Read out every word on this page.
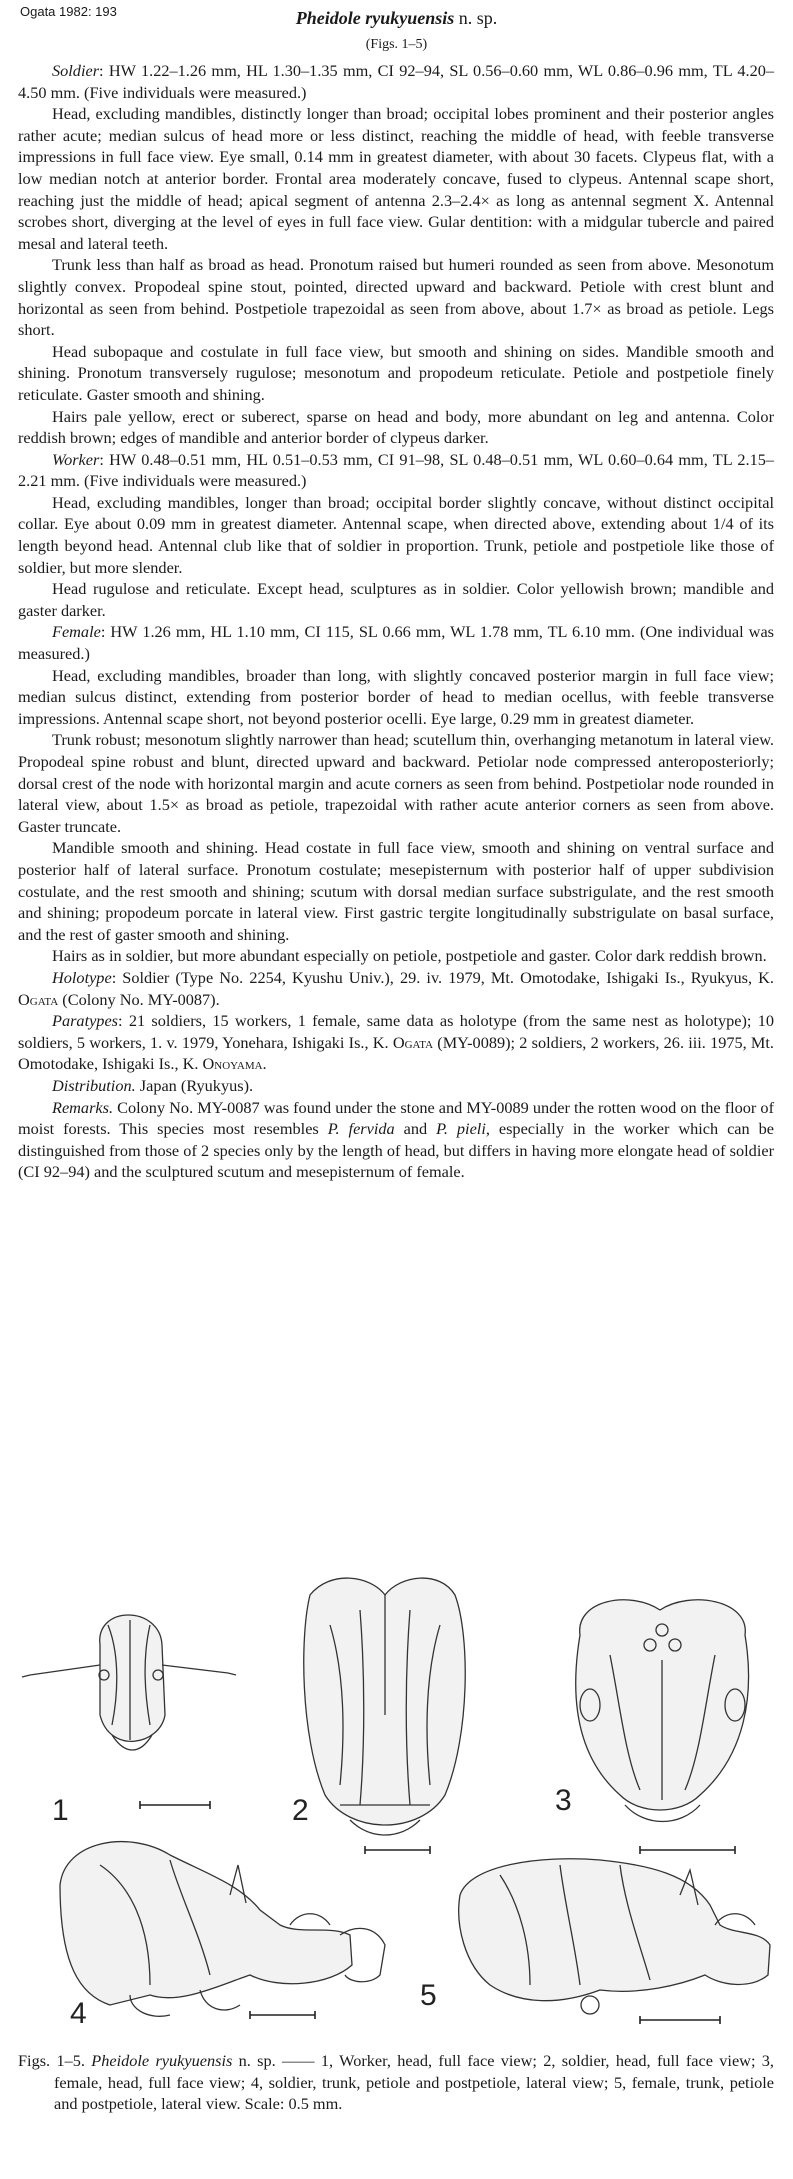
Ogata 1982: 193	Pheidole ryukyuensis n. sp.
(Figs. 1–5)

Soldier: HW 1.22–1.26 mm, HL 1.30–1.35 mm, CI 92–94, SL 0.56–0.60 mm, WL 0.86–0.96 mm, TL 4.20–4.50 mm. (Five individuals were measured.)

Head, excluding mandibles, distinctly longer than broad; occipital lobes prominent and their posterior angles rather acute; median sulcus of head more or less distinct, reaching the middle of head, with feeble transverse impressions in full face view. Eye small, 0.14 mm in greatest diameter, with about 30 facets. Clypeus flat, with a low median notch at anterior border. Frontal area moderately concave, fused to clypeus. Antennal scape short, reaching just the middle of head; apical segment of antenna 2.3–2.4× as long as antennal segment X. Antennal scrobes short, diverging at the level of eyes in full face view. Gular dentition: with a midgular tubercle and paired mesal and lateral teeth.

Trunk less than half as broad as head. Pronotum raised but humeri rounded as seen from above. Mesonotum slightly convex. Propodeal spine stout, pointed, directed upward and backward. Petiole with crest blunt and horizontal as seen from behind. Postpetiole trapezoidal as seen from above, about 1.7× as broad as petiole. Legs short.

Head subopaque and costulate in full face view, but smooth and shining on sides. Mandible smooth and shining. Pronotum transversely rugulose; mesonotum and propodeum reticulate. Petiole and postpetiole finely reticulate. Gaster smooth and shining.

Hairs pale yellow, erect or suberect, sparse on head and body, more abundant on leg and antenna. Color reddish brown; edges of mandible and anterior border of clypeus darker.

Worker: HW 0.48–0.51 mm, HL 0.51–0.53 mm, CI 91–98, SL 0.48–0.51 mm, WL 0.60–0.64 mm, TL 2.15–2.21 mm. (Five individuals were measured.)

Head, excluding mandibles, longer than broad; occipital border slightly concave, without distinct occipital collar. Eye about 0.09 mm in greatest diameter. Antennal scape, when directed above, extending about 1/4 of its length beyond head. Antennal club like that of soldier in proportion. Trunk, petiole and postpetiole like those of soldier, but more slender.

Head rugulose and reticulate. Except head, sculptures as in soldier. Color yellowish brown; mandible and gaster darker.

Female: HW 1.26 mm, HL 1.10 mm, CI 115, SL 0.66 mm, WL 1.78 mm, TL 6.10 mm. (One individual was measured.)

Head, excluding mandibles, broader than long, with slightly concaved posterior margin in full face view; median sulcus distinct, extending from posterior border of head to median ocellus, with feeble transverse impressions. Antennal scape short, not beyond posterior ocelli. Eye large, 0.29 mm in greatest diameter.

Trunk robust; mesonotum slightly narrower than head; scutellum thin, overhanging metanotum in lateral view. Propodeal spine robust and blunt, directed upward and backward. Petiolar node compressed anteroposteriorly; dorsal crest of the node with horizontal margin and acute corners as seen from behind. Postpetiolar node rounded in lateral view, about 1.5× as broad as petiole, trapezoidal with rather acute anterior corners as seen from above. Gaster truncate.

Mandible smooth and shining. Head costate in full face view, smooth and shining on ventral surface and posterior half of lateral surface. Pronotum costulate; mesepisternum with posterior half of upper subdivision costulate, and the rest smooth and shining; scutum with dorsal median surface substrigulate, and the rest smooth and shining; propodeum porcate in lateral view. First gastric tergite longitudinally substrigulate on basal surface, and the rest of gaster smooth and shining.

Hairs as in soldier, but more abundant especially on petiole, postpetiole and gaster. Color dark reddish brown.

Holotype: Soldier (Type No. 2254, Kyushu Univ.), 29. iv. 1979, Mt. Omotodake, Ishigaki Is., Ryukyus, K. Ogata (Colony No. MY-0087).

Paratypes: 21 soldiers, 15 workers, 1 female, same data as holotype (from the same nest as holotype); 10 soldiers, 5 workers, 1. v. 1979, Yonehara, Ishigaki Is., K. Ogata (MY-0089); 2 soldiers, 2 workers, 26. iii. 1975, Mt. Omotodake, Ishigaki Is., K. Onoyama.

Distribution. Japan (Ryukyus).

Remarks. Colony No. MY-0087 was found under the stone and MY-0089 under the rotten wood on the floor of moist forests. This species most resembles P. fervida and P. pieli, especially in the worker which can be distinguished from those of 2 species only by the length of head, but differs in having more elongate head of soldier (CI 92–94) and the sculptured scutum and mesepisternum of female.

1	2	3
4
5
Figs. 1–5. Pheidole ryukyuensis n. sp. —— 1, Worker, head, full face view; 2, soldier, head, full face view; 3, female, head, full face view; 4, soldier, trunk, petiole and postpetiole, lateral view; 5, female, trunk, petiole and postpetiole, lateral view. Scale: 0.5 mm.
